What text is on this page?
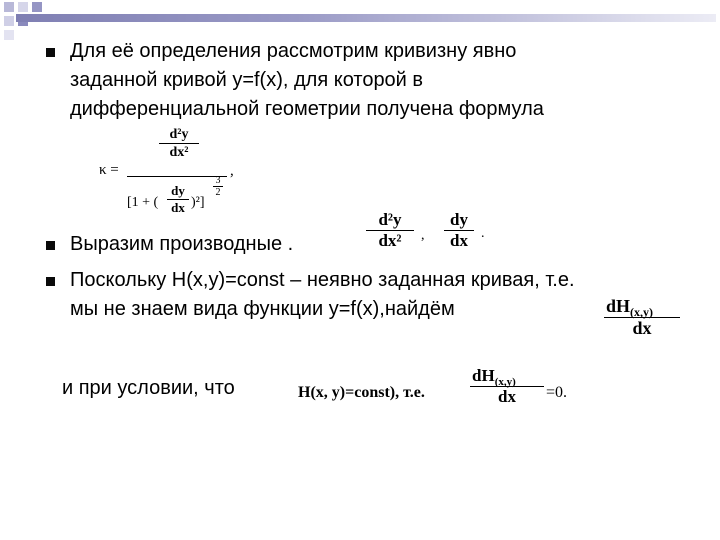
Для её определения рассмотрим кривизну явно
заданной кривой y=f(x), для которой в
дифференциальной геометрии получена формула
κ =
d²y
dx²
[1 + ( $\frac{dy}{dx} )^2$]
$\frac{3}{2}$
,
Выразим производные .	$\frac{\text{d²y}}{\text{dx²}}$ , $\frac{dy}{dx}$ .
Поскольку H(x,y)=const – неявно заданная кривая, т.е.
мы не знаем вида функции y=f(x),найдём	$\frac{dH_{(x,y)}}{dx}$
и при условии, что	H(x, y)=const), т.е.	$\frac{dH_{(x,y)}}{dx} =0$.
